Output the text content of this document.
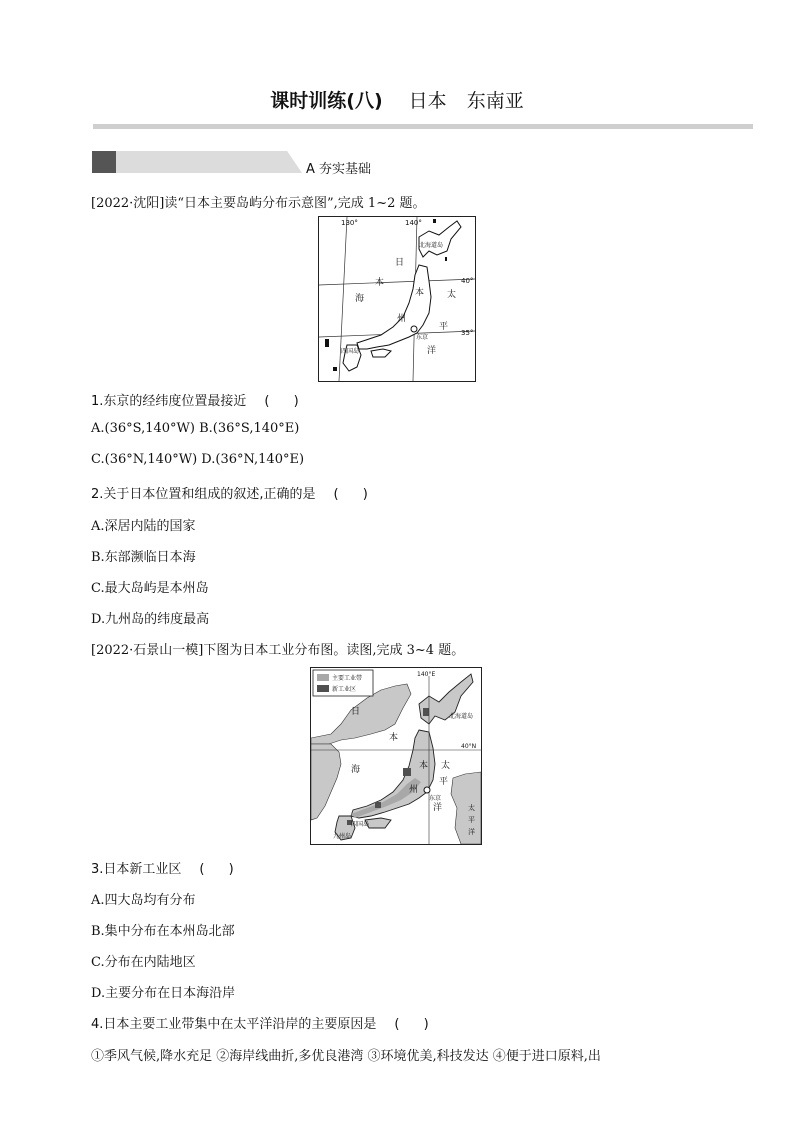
课时训练(八) 日本 东南亚
A 夯实基础
[2022·沈阳]读“日本主要岛屿分布示意图”,完成 1~2 题。
130°	140°
40°
35°
北海道岛
东京
四国岛
日
本
海
本
州
太
平
洋
1.东京的经纬度位置最接近 ( )
A.(36°S,140°W) B.(36°S,140°E)
C.(36°N,140°W) D.(36°N,140°E)
2.关于日本位置和组成的叙述,正确的是 ( )
A.深居内陆的国家
B.东部濒临日本海
C.最大岛屿是本州岛
D.九州岛的纬度最高
[2022·石景山一模]下图为日本工业分布图。读图,完成 3~4 题。
主要工业带
新工业区
140°E
40°N
北海道岛
东京
四国岛
九州岛
日
本
海	本
州
太
平
洋	太
平
洋
3.日本新工业区 ( )
A.四大岛均有分布
B.集中分布在本州岛北部
C.分布在内陆地区
D.主要分布在日本海沿岸
4.日本主要工业带集中在太平洋沿岸的主要原因是 ( )
①季风气候,降水充足 ②海岸线曲折,多优良港湾 ③环境优美,科技发达 ④便于进口原料,出
